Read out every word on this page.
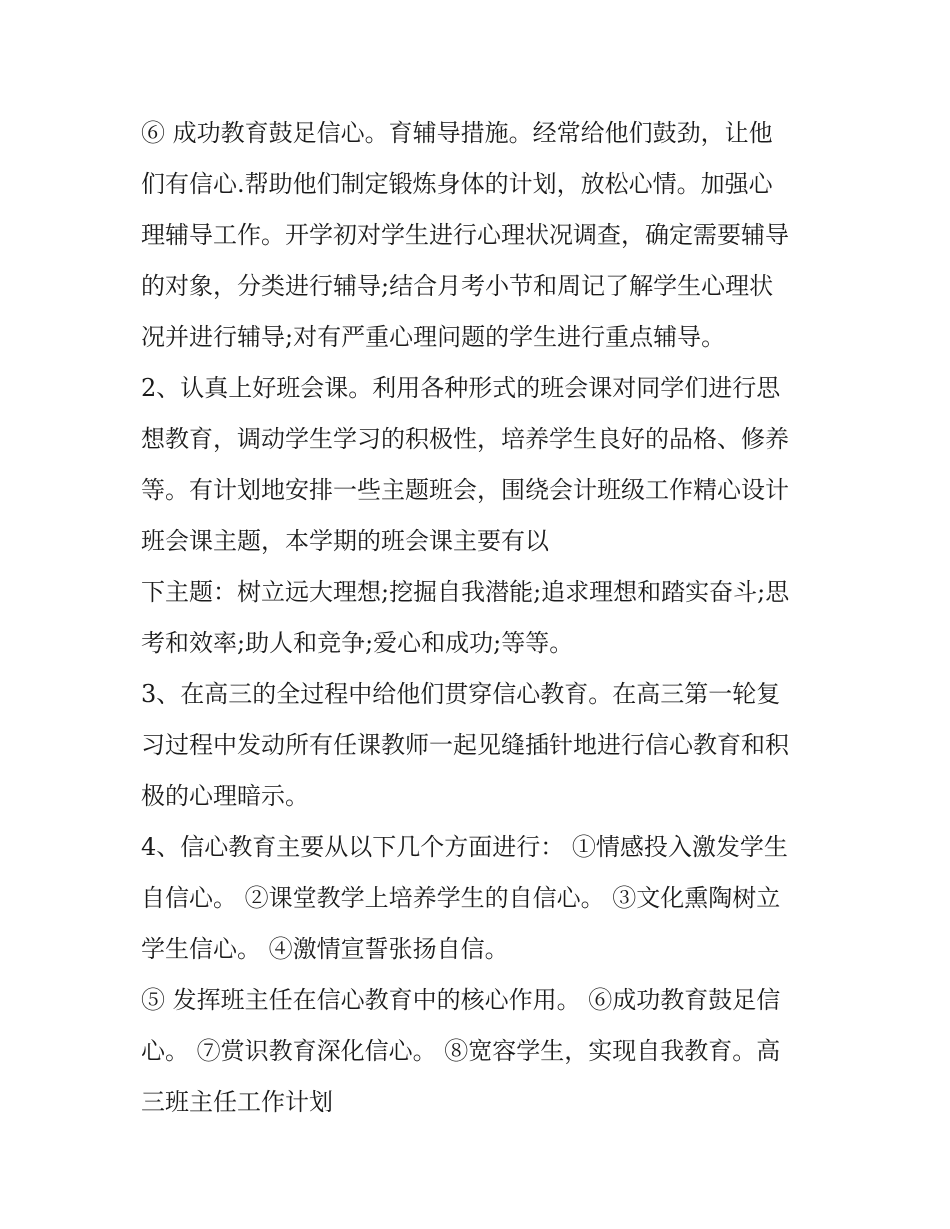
⑥ 成功教育鼓足信心。育辅导措施。经常给他们鼓劲，让他
们有信心.帮助他们制定锻炼身体的计划，放松心情。加强心
理辅导工作。开学初对学生进行心理状况调查，确定需要辅导
的对象，分类进行辅导;结合月考小节和周记了解学生心理状
况并进行辅导;对有严重心理问题的学生进行重点辅导。
2、认真上好班会课。利用各种形式的班会课对同学们进行思
想教育，调动学生学习的积极性，培养学生良好的品格、修养
等。有计划地安排一些主题班会，围绕会计班级工作精心设计
班会课主题，本学期的班会课主要有以
下主题：树立远大理想;挖掘自我潜能;追求理想和踏实奋斗;思
考和效率;助人和竞争;爱心和成功;等等。
3、在高三的全过程中给他们贯穿信心教育。在高三第一轮复
习过程中发动所有任课教师一起见缝插针地进行信心教育和积
极的心理暗示。
4、信心教育主要从以下几个方面进行： ①情感投入激发学生
自信心。 ②课堂教学上培养学生的自信心。 ③文化熏陶树立
学生信心。 ④激情宣誓张扬自信。
⑤ 发挥班主任在信心教育中的核心作用。 ⑥成功教育鼓足信
心。 ⑦赏识教育深化信心。 ⑧宽容学生，实现自我教育。高
三班主任工作计划
